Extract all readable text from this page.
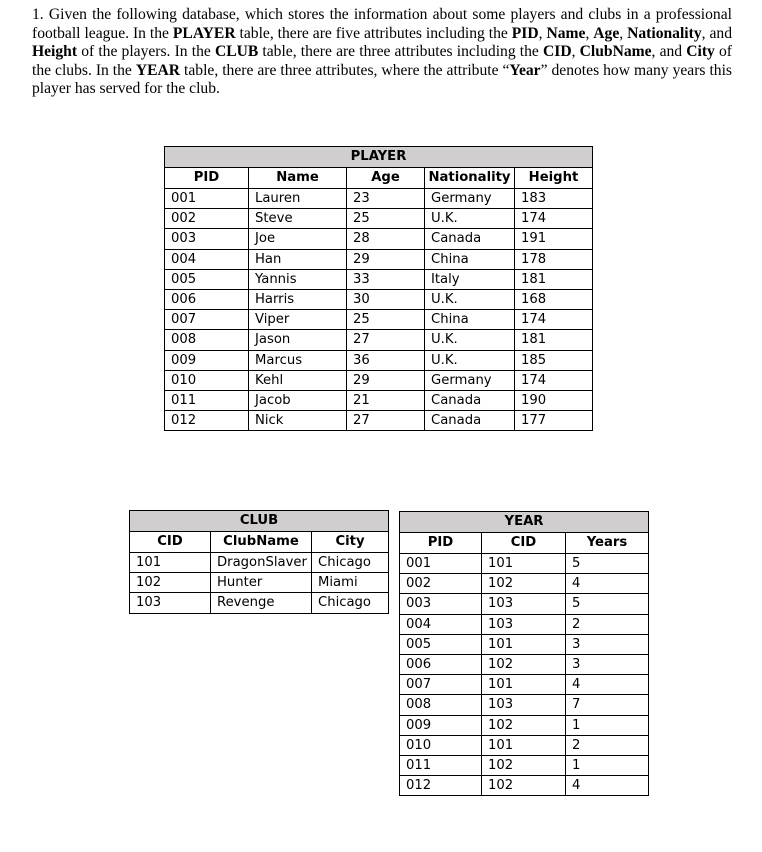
1. Given the following database, which stores the information about some players and clubs in a professional football league. In the PLAYER table, there are five attributes including the PID, Name, Age, Nationality, and Height of the players. In the CLUB table, there are three attributes including the CID, ClubName, and City of the clubs. In the YEAR table, there are three attributes, where the attribute “Year” denotes how many years this player has served for the club.

PLAYER				
PID	Name	Age	Nationality	Height
001	Lauren	23	Germany	183
002	Steve	25	U.K.	174
003	Joe	28	Canada	191
004	Han	29	China	178
005	Yannis	33	Italy	181
006	Harris	30	U.K.	168
007	Viper	25	China	174
008	Jason	27	U.K.	181
009	Marcus	36	U.K.	185
010	Kehl	29	Germany	174
011	Jacob	21	Canada	190
012	Nick	27	Canada	177
CLUB		
CID	ClubName	City
101	DragonSlaver	Chicago
102	Hunter	Miami
103	Revenge	Chicago
YEAR		
PID	CID	Years
001	101	5
002	102	4
003	103	5
004	103	2
005	101	3
006	102	3
007	101	4
008	103	7
009	102	1
010	101	2
011	102	1
012	102	4
